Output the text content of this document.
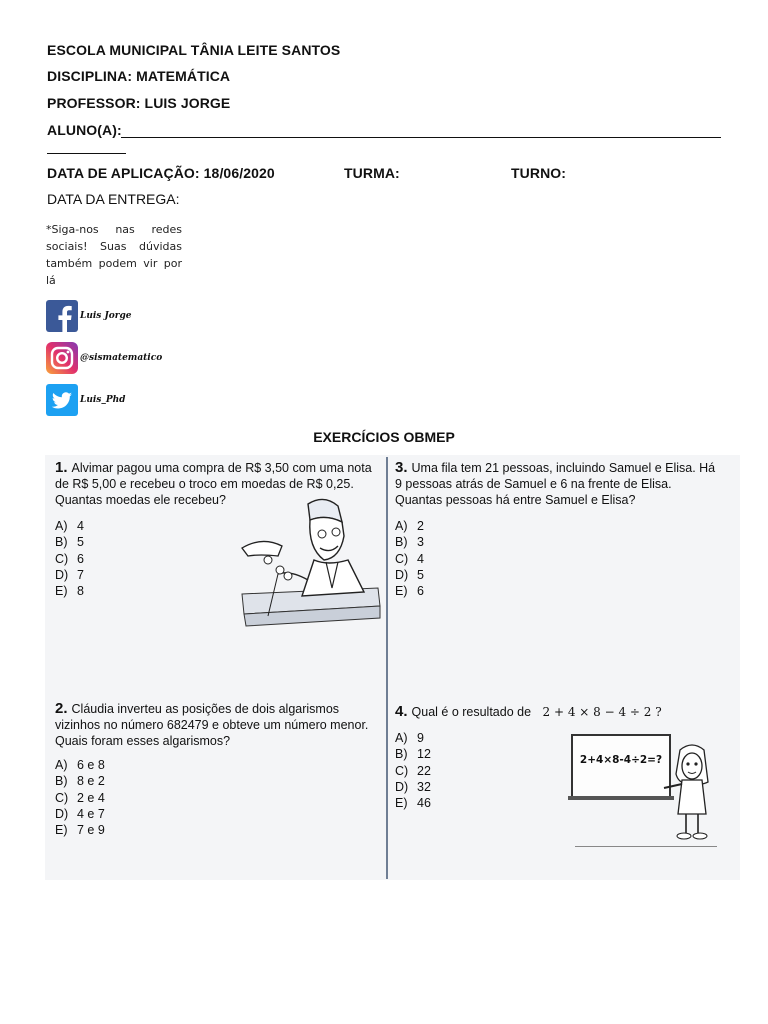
ESCOLA MUNICIPAL TÂNIA LEITE SANTOS
DISCIPLINA: MATEMÁTICA
PROFESSOR: LUIS JORGE
ALUNO(A):
DATA DE APLICAÇÃO: 18/06/2020	TURMA:	TURNO:
DATA DA ENTREGA:
*Siga-nos nas redes sociais! Suas dúvidas também podem vir por lá
Luis Jorge
@sismatematico
Luis_Phd
EXERCÍCIOS OBMEP
1. Alvimar pagou uma compra de R$ 3,50 com uma nota de R$ 5,00 e recebeu o troco em moedas de R$ 0,25. Quantas moedas ele recebeu?
A) 4
B) 5
C) 6
D) 7
E) 8
2. Cláudia inverteu as posições de dois algarismos vizinhos no número 682479 e obteve um número menor. Quais foram esses algarismos?
A) 6 e 8
B) 8 e 2
C) 2 e 4
D) 4 e 7
E) 7 e 9
3. Uma fila tem 21 pessoas, incluindo Samuel e Elisa. Há 9 pessoas atrás de Samuel e 6 na frente de Elisa. Quantas pessoas há entre Samuel e Elisa?
A) 2
B) 3
C) 4
D) 5
E) 6
4. Qual é o resultado de 2 + 4 × 8 − 4 ÷ 2 ?
A) 9
B) 12
C) 22
D) 32
E) 46
2+4×8-4÷2=?
